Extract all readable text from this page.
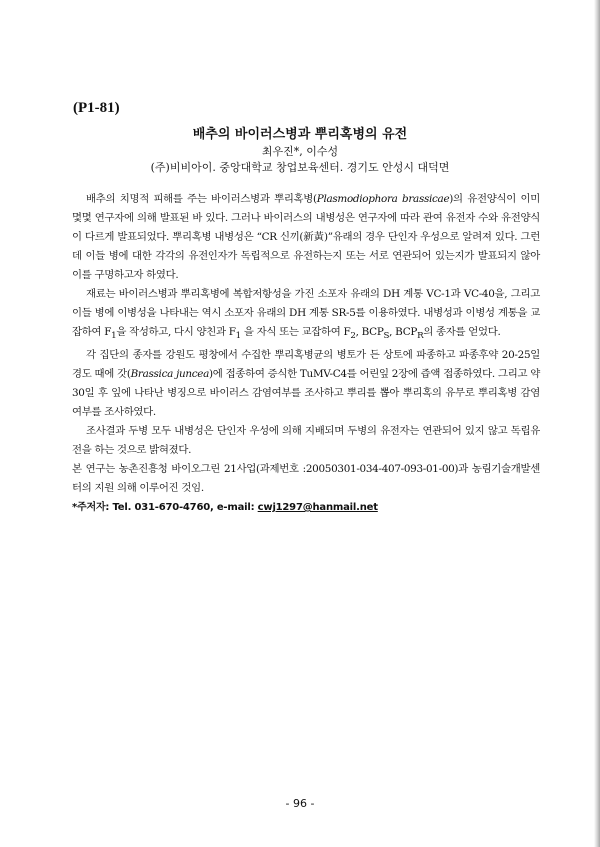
(P1-81)
배추의 바이러스병과 뿌리혹병의 유전
최우진*, 이수성
(주)비비아이. 중앙대학교 창업보육센터. 경기도 안성시 대덕면

배추의 치명적 피해를 주는 바이러스병과 뿌리혹병(Plasmodiophora brassicae)의 유전양식이 이미 몇몇 연구자에 의해 발표된 바 있다. 그러나 바이러스의 내병성은 연구자에 따라 관여 유전자 수와 유전양식이 다르게 발표되었다. 뿌리혹병 내병성은 “CR 신끼(新黃)”유래의 경우 단인자 우성으로 알려져 있다. 그런데 이들 병에 대한 각각의 유전인자가 독립적으로 유전하는지 또는 서로 연관되어 있는지가 발표되지 않아 이를 구명하고자 하였다.

재료는 바이러스병과 뿌리혹병에 복합저항성을 가진 소포자 유래의 DH 계통 VC-1과 VC-40을, 그리고 이들 병에 이병성을 나타내는 역시 소포자 유래의 DH 계통 SR-5를 이용하였다. 내병성과 이병성 계통을 교잡하여 $F_1$을 작성하고, 다시 양친과 $F_1$ 을 자식 또는 교잡하여 $F_2$, $BCP_S$, $BCP_R$의 종자를 얻었다.

각 집단의 종자를 강원도 평창에서 수집한 뿌리혹병균의 병토가 든 상토에 파종하고 파종후약 20-25일 경도 때에 갓(Brassica juncea)에 접종하여 증식한 TuMV-C4를 어린잎 2장에 즙액 접종하였다. 그리고 약 30일 후 잎에 나타난 병징으로 바이러스 감염여부를 조사하고 뿌리를 뽑아 뿌리혹의 유무로 뿌리혹병 감염여부를 조사하였다.

조사결과 두병 모두 내병성은 단인자 우성에 의해 지배되며 두병의 유전자는 연관되어 있지 않고 독립유전을 하는 것으로 밝혀졌다.

본 연구는 농촌진흥청 바이오그린 21사업(과제번호 :20050301-034-407-093-01-00)과 농림기술개발센터의 지원 의해 이루어진 것임.

*주저자: Tel. 031-670-4760, e-mail: cwj1297@hanmail.net

- 96 -
